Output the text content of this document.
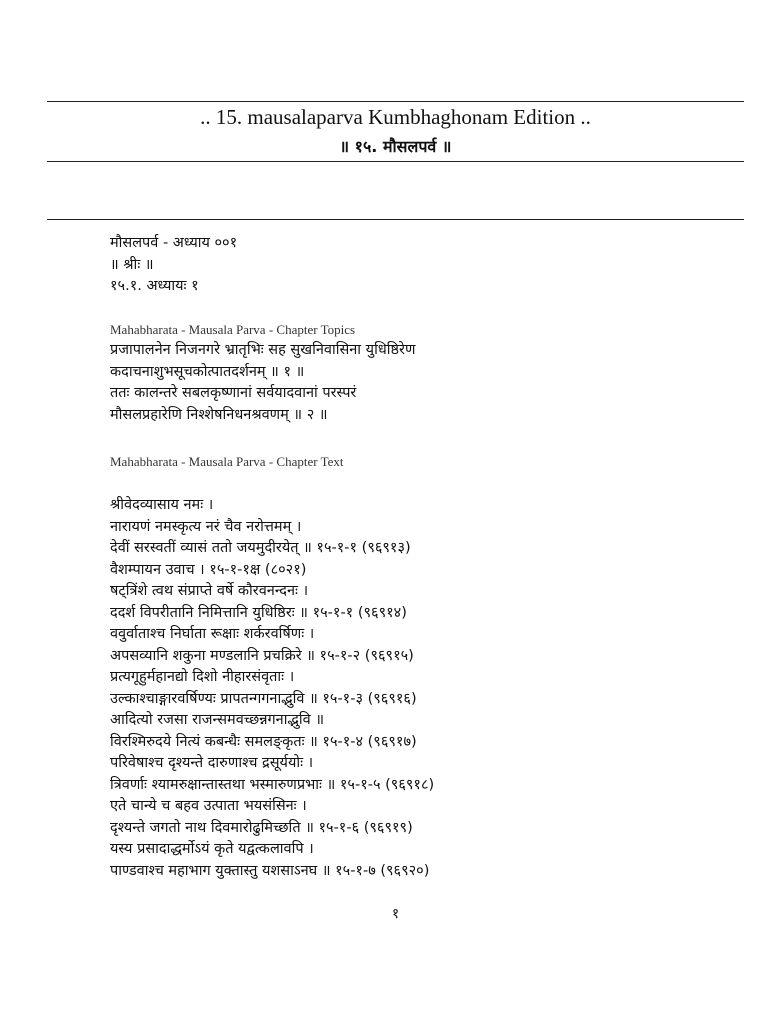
.. 15. mausalaparva Kumbhaghonam Edition ..
॥ १५. मौसलपर्व ॥

मौसलपर्व - अध्याय ००१

॥ श्रीः ॥

१५.१. अध्यायः १

Mahabharata - Mausala Parva - Chapter Topics

प्रजापालनेन निजनगरे भ्रातृभिः सह सुखनिवासिना युधिष्ठिरेण

कदाचनाशुभसूचकोत्पातदर्शनम् ॥ १ ॥

ततः कालन्तरे सबलकृष्णानां सर्वयादवानां परस्परं

मौसलप्रहारेणि निश्शेषनिधनश्रवणम् ॥ २ ॥

Mahabharata - Mausala Parva - Chapter Text

श्रीवेदव्यासाय नमः ।

नारायणं नमस्कृत्य नरं चैव नरोत्तमम् ।

देवीं सरस्वतीं व्यासं ततो जयमुदीरयेत् ॥ १५-१-१ (९६९१३)

वैशम्पायन उवाच । १५-१-१क्ष (८०२१)

षट्त्रिंशे त्वथ संप्राप्ते वर्षे कौरवनन्दनः ।

ददर्श विपरीतानि निमित्तानि युधिष्ठिरः ॥ १५-१-१ (९६९१४)

ववुर्वाताश्च निर्घाता रूक्षाः शर्करवर्षिणः ।

अपसव्यानि शकुना मण्डलानि प्रचक्रिरे ॥ १५-१-२ (९६९१५)

प्रत्यगूहुर्महानद्यो दिशो नीहारसंवृताः ।

उल्काश्चाङ्गारवर्षिण्यः प्रापतन्गगनाद्भुवि ॥ १५-१-३ (९६९१६)

आदित्यो रजसा राजन्समवच्छन्नगनाद्भुवि ॥

विरश्मिरुदये नित्यं कबन्धैः समलङ्कृतः ॥ १५-१-४ (९६९१७)

परिवेषाश्च दृश्यन्ते दारुणाश्च द्रसूर्ययोः ।

त्रिवर्णाः श्यामरुक्षान्तास्तथा भस्मारुणप्रभाः ॥ १५-१-५ (९६९१८)

एते चान्ये च बहव उत्पाता भयसंसिनः ।

दृश्यन्ते जगतो नाथ दिवमारोढुमिच्छति ॥ १५-१-६ (९६९१९)

यस्य प्रसादाद्धर्मोऽयं कृते यद्वत्कलावपि ।

पाण्डवाश्च महाभाग युक्तास्तु यशसाऽनघ ॥ १५-१-७ (९६९२०)

१
